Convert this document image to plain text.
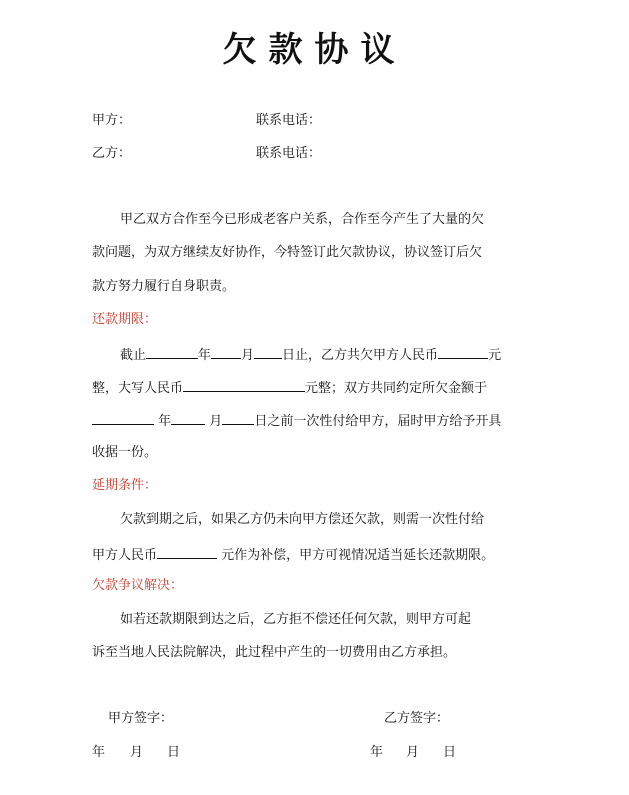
欠款协议
甲方：	联系电话：
乙方：	联系电话：
甲乙双方合作至今已形成老客户关系，合作至今产生了大量的欠
款问题，为双方继续友好协作，今特签订此欠款协议，协议签订后欠
款方努力履行自身职责。
还款期限：
截止	年 月 日止，乙方共欠甲方人民币	元
整，大写人民币	元整；双方共同约定所欠金额于
年	月 日之前一次性付给甲方，届时甲方给予开具
收据一份。
延期条件：
欠款到期之后，如果乙方仍未向甲方偿还欠款，则需一次性付给
甲方人民币	元作为补偿，甲方可视情况适当延长还款期限。
欠款争议解决：
如若还款期限到达之后，乙方拒不偿还任何欠款，则甲方可起
诉至当地人民法院解决，此过程中产生的一切费用由乙方承担。
甲方签字：	乙方签字：
年 月 日	年 月 日
